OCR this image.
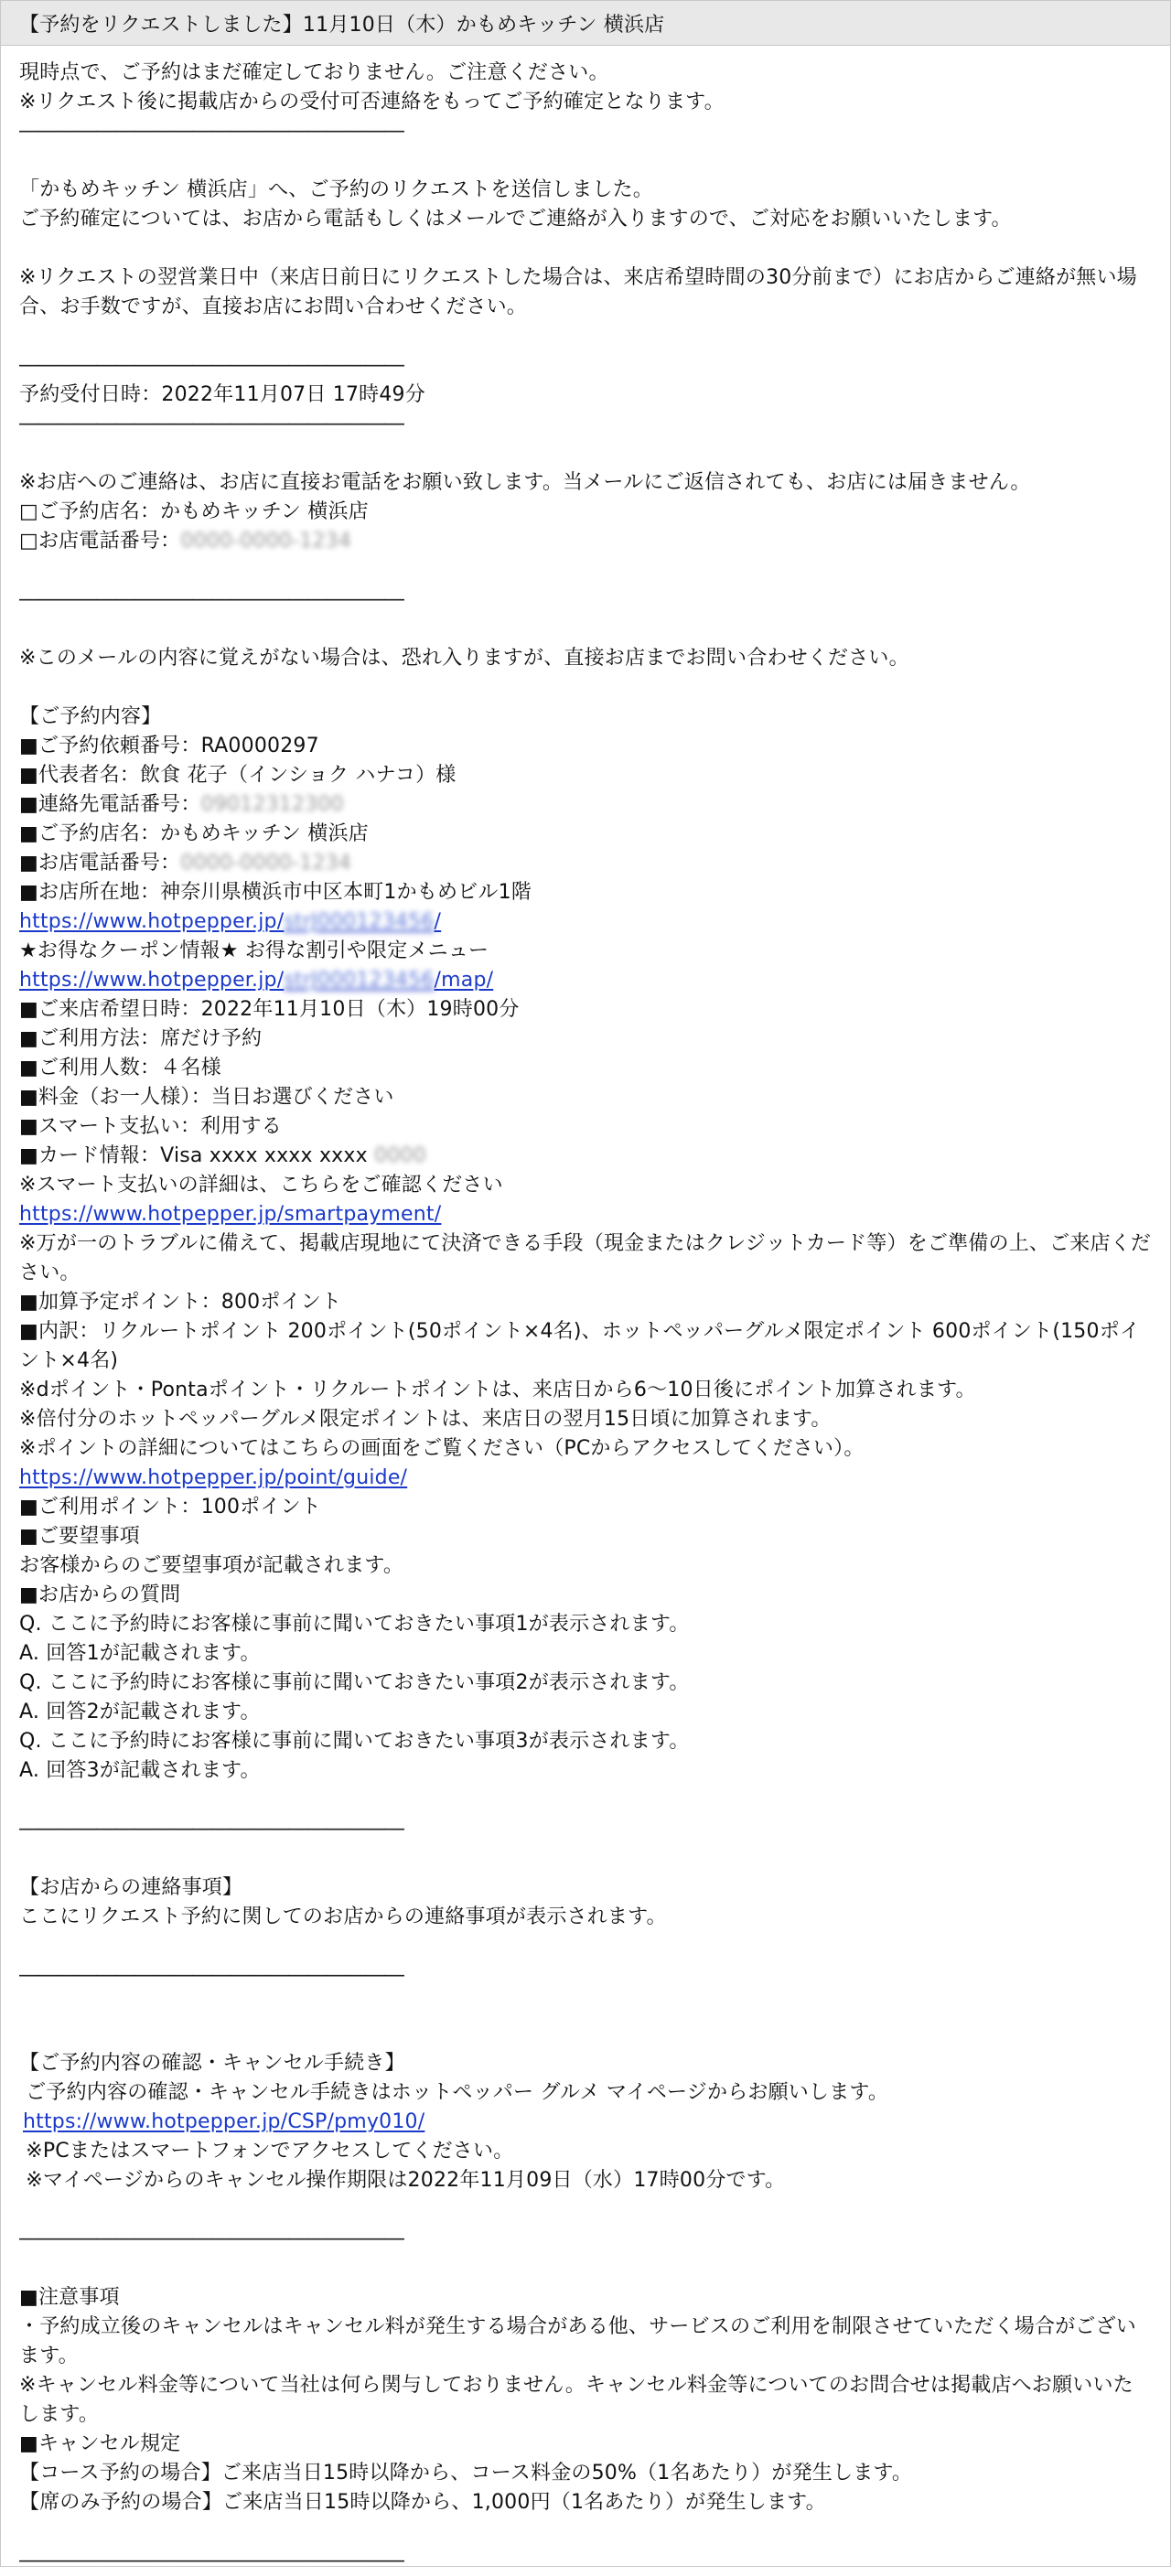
【予約をリクエストしました】11月10日（木）かもめキッチン 横浜店
現時点で、ご予約はまだ確定しておりません。ご注意ください。
※リクエスト後に掲載店からの受付可否連絡をもってご予約確定となります。
――――――――――――――――――――
「かもめキッチン 横浜店」へ、ご予約のリクエストを送信しました。
ご予約確定については、お店から電話もしくはメールでご連絡が入りますので、ご対応をお願いいたします。
※リクエストの翌営業日中（来店日前日にリクエストした場合は、来店希望時間の30分前まで）にお店からご連絡が無い場合、お手数ですが、直接お店にお問い合わせください。
――――――――――――――――――――
予約受付日時：2022年11月07日 17時49分
――――――――――――――――――――
※お店へのご連絡は、お店に直接お電話をお願い致します。当メールにご返信されても、お店には届きません。
□ご予約店名：かもめキッチン 横浜店
□お店電話番号：0000-0000-1234
――――――――――――――――――――
※このメールの内容に覚えがない場合は、恐れ入りますが、直接お店までお問い合わせください。
【ご予約内容】
■ご予約依頼番号：RA0000297
■代表者名：飲食 花子（インショク ハナコ）様
■連絡先電話番号：09012312300
■ご予約店名：かもめキッチン 横浜店
■お店電話番号：0000-0000-1234
■お店所在地：神奈川県横浜市中区本町1かもめビル1階
https://www.hotpepper.jp/strJ000123456/
★お得なクーポン情報★ お得な割引や限定メニュー
https://www.hotpepper.jp/strJ000123456/map/
■ご来店希望日時：2022年11月10日（木）19時00分
■ご利用方法：席だけ予約
■ご利用人数：４名様
■料金（お一人様）：当日お選びください
■スマート支払い：利用する
■カード情報：Visa xxxx xxxx xxxx 0000
※スマート支払いの詳細は、こちらをご確認ください
https://www.hotpepper.jp/smartpayment/
※万が一のトラブルに備えて、掲載店現地にて決済できる手段（現金またはクレジットカード等）をご準備の上、ご来店ください。
■加算予定ポイント：800ポイント
■内訳：リクルートポイント 200ポイント(50ポイント×4名)、ホットペッパーグルメ限定ポイント 600ポイント(150ポイント×4名)
※dポイント・Pontaポイント・リクルートポイントは、来店日から6～10日後にポイント加算されます。
※倍付分のホットペッパーグルメ限定ポイントは、来店日の翌月15日頃に加算されます。
※ポイントの詳細についてはこちらの画面をご覧ください（PCからアクセスしてください）。
https://www.hotpepper.jp/point/guide/
■ご利用ポイント：100ポイント
■ご要望事項
お客様からのご要望事項が記載されます。
■お店からの質問
Q. ここに予約時にお客様に事前に聞いておきたい事項1が表示されます。
A. 回答1が記載されます。
Q. ここに予約時にお客様に事前に聞いておきたい事項2が表示されます。
A. 回答2が記載されます。
Q. ここに予約時にお客様に事前に聞いておきたい事項3が表示されます。
A. 回答3が記載されます。
――――――――――――――――――――
【お店からの連絡事項】
ここにリクエスト予約に関してのお店からの連絡事項が表示されます。
――――――――――――――――――――
【ご予約内容の確認・キャンセル手続き】
ご予約内容の確認・キャンセル手続きはホットペッパー グルメ マイページからお願いします。
https://www.hotpepper.jp/CSP/pmy010/
※PCまたはスマートフォンでアクセスしてください。
※マイページからのキャンセル操作期限は2022年11月09日（水）17時00分です。
――――――――――――――――――――
■注意事項
・予約成立後のキャンセルはキャンセル料が発生する場合がある他、サービスのご利用を制限させていただく場合がございます。
※キャンセル料金等について当社は何ら関与しておりません。キャンセル料金等についてのお問合せは掲載店へお願いいたします。
■キャンセル規定
【コース予約の場合】ご来店当日15時以降から、コース料金の50%（1名あたり）が発生します。
【席のみ予約の場合】ご来店当日15時以降から、1,000円（1名あたり）が発生します。
――――――――――――――――――――
